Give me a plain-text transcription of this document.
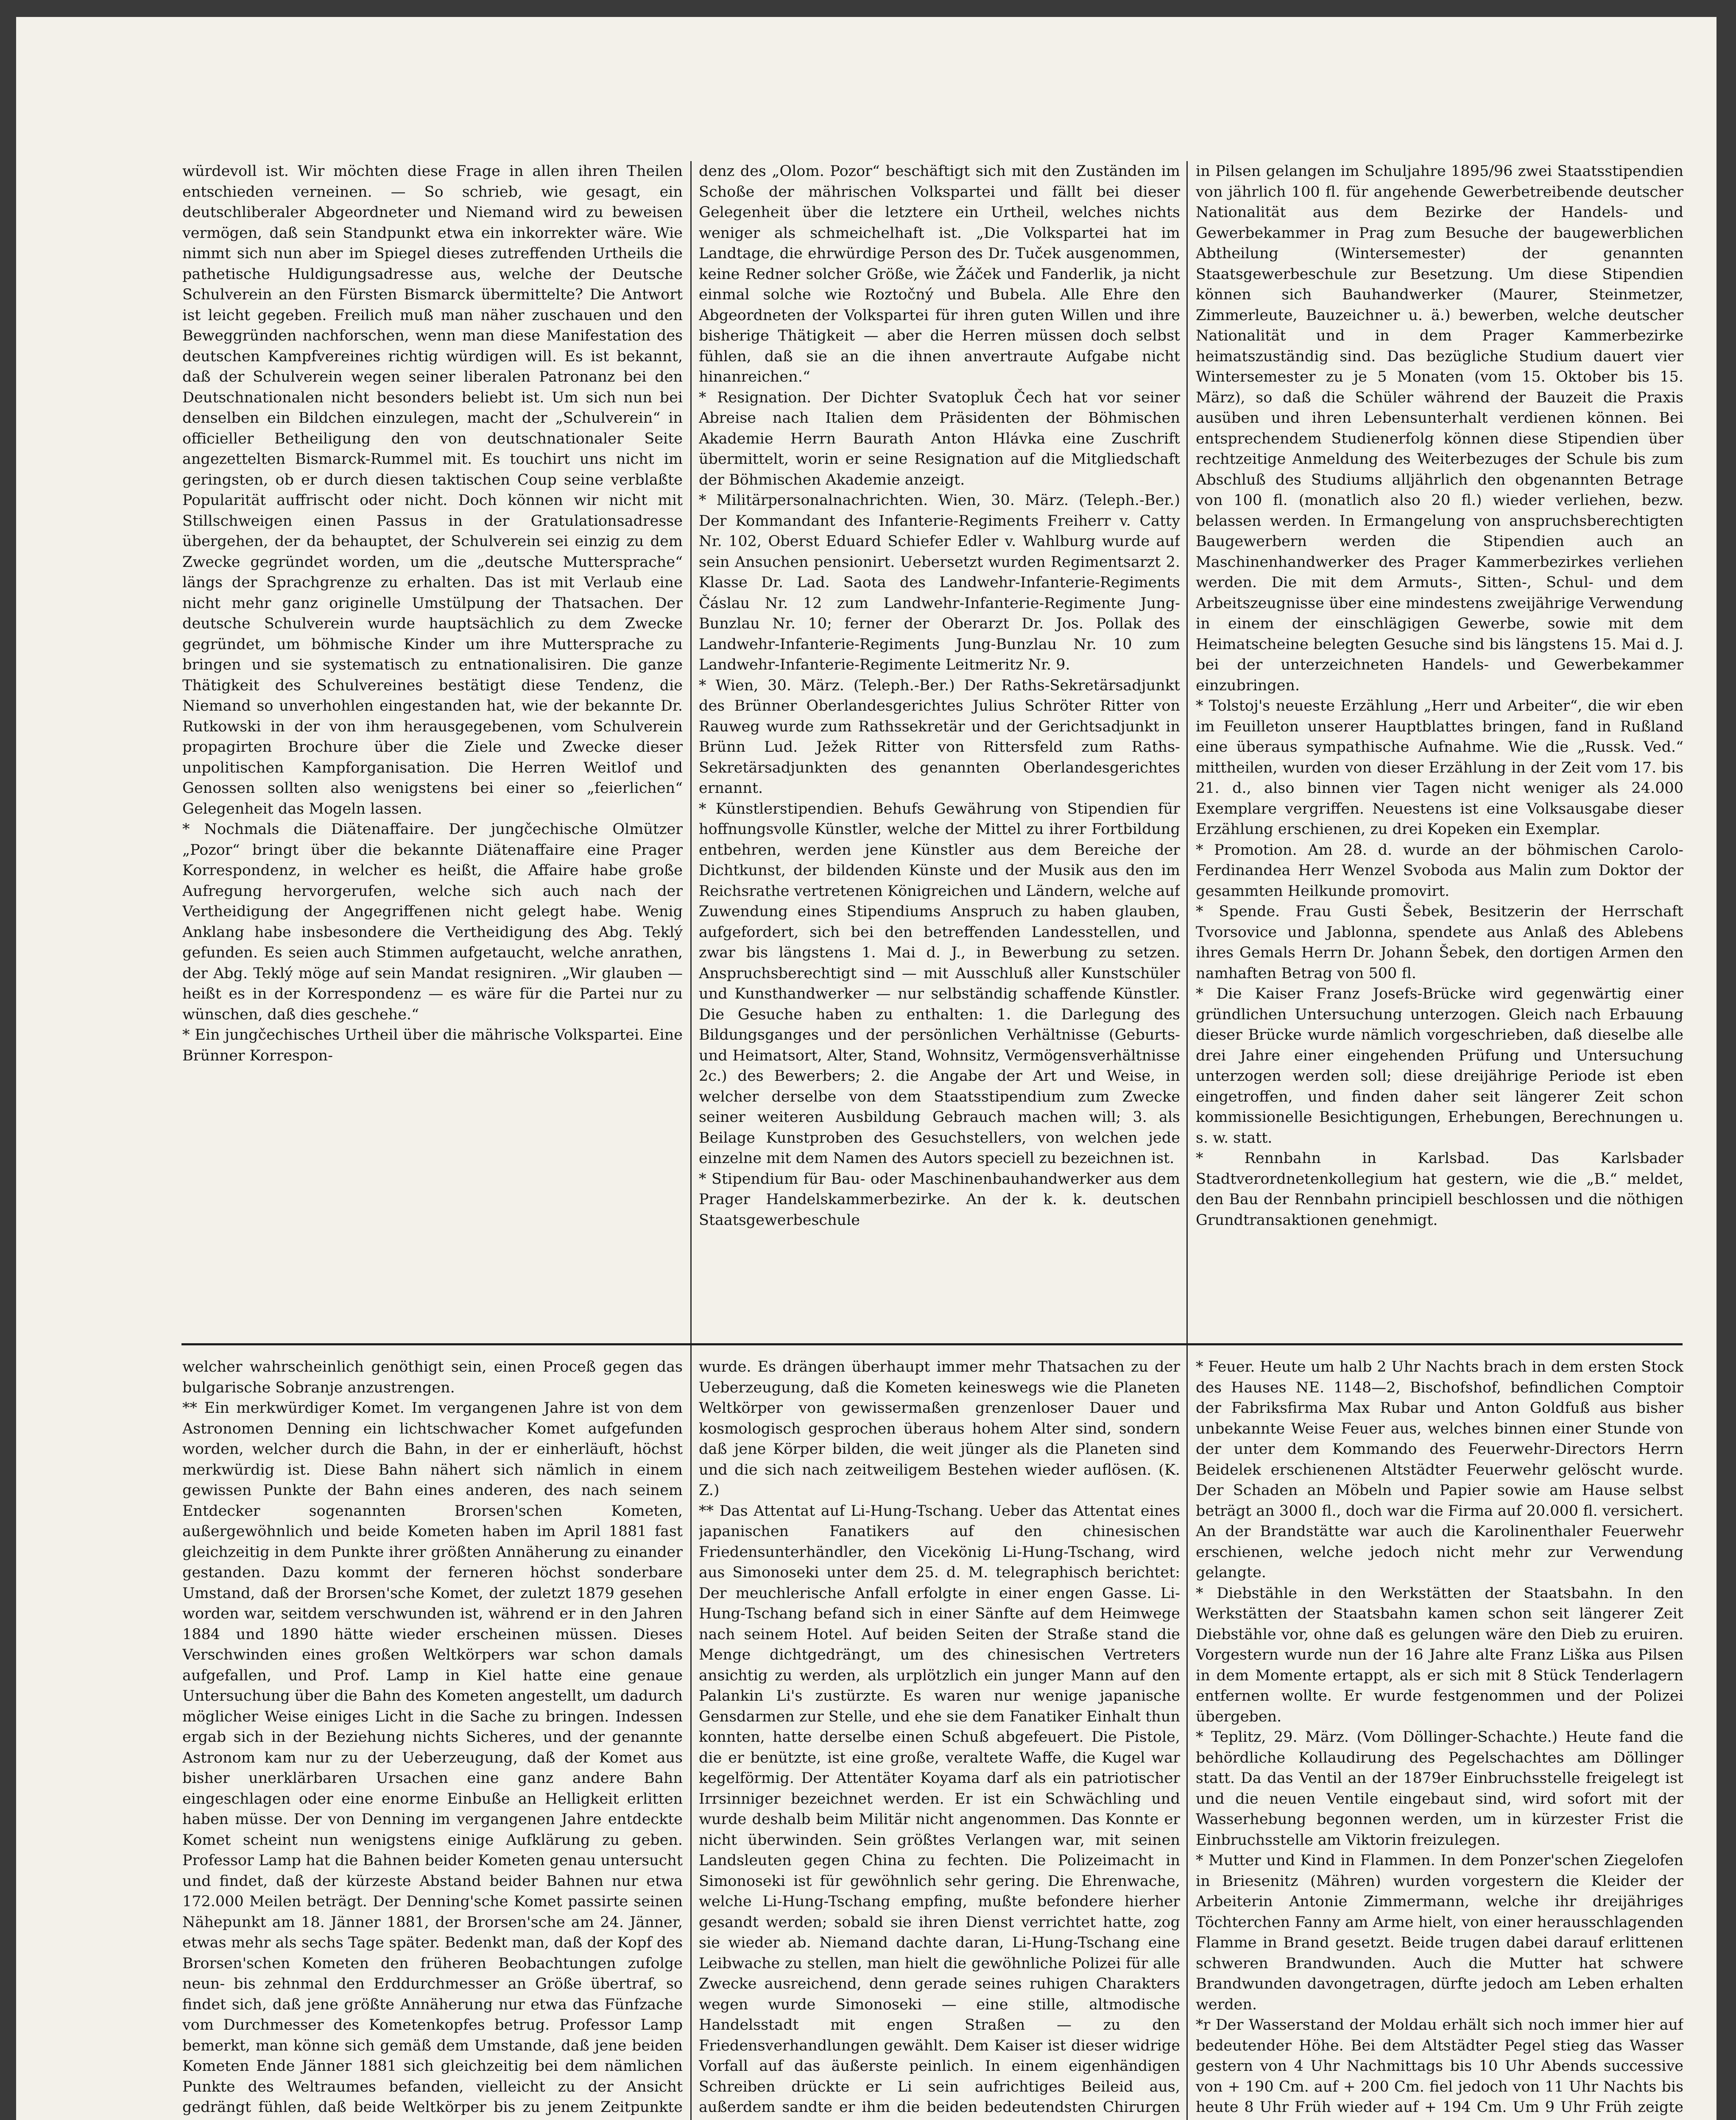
würdevoll ist. Wir möchten diese Frage in allen ihren Theilen entschieden verneinen. — So schrieb, wie gesagt, ein deutschliberaler Abgeordneter und Niemand wird zu beweisen vermögen, daß sein Standpunkt etwa ein inkorrekter wäre. Wie nimmt sich nun aber im Spiegel dieses zutreffenden Urtheils die pathetische Huldigungsadresse aus, welche der Deutsche Schulverein an den Fürsten Bismarck übermittelte? Die Antwort ist leicht gegeben. Freilich muß man näher zuschauen und den Beweggründen nachforschen, wenn man diese Manifestation des deutschen Kampfvereines richtig würdigen will. Es ist bekannt, daß der Schulverein wegen seiner liberalen Patronanz bei den Deutschnationalen nicht besonders beliebt ist. Um sich nun bei denselben ein Bildchen einzulegen, macht der „Schulverein“ in officieller Betheiligung den von deutschnationaler Seite angezettelten Bismarck-Rummel mit. Es touchirt uns nicht im geringsten, ob er durch diesen taktischen Coup seine verblaßte Popularität auffrischt oder nicht. Doch können wir nicht mit Stillschweigen einen Passus in der Gratulationsadresse übergehen, der da behauptet, der Schulverein sei einzig zu dem Zwecke gegründet worden, um die „deutsche Muttersprache“ längs der Sprachgrenze zu erhalten. Das ist mit Verlaub eine nicht mehr ganz originelle Umstülpung der Thatsachen. Der deutsche Schulverein wurde hauptsächlich zu dem Zwecke gegründet, um böhmische Kinder um ihre Muttersprache zu bringen und sie systematisch zu entnationalisiren. Die ganze Thätigkeit des Schulvereines bestätigt diese Tendenz, die Niemand so unverhohlen eingestanden hat, wie der bekannte Dr. Rutkowski in der von ihm herausgegebenen, vom Schulverein propagirten Brochure über die Ziele und Zwecke dieser unpolitischen Kampforganisation. Die Herren Weitlof und Genossen sollten also wenigstens bei einer so „feierlichen“ Gelegenheit das Mogeln lassen.

* Nochmals die Diätenaffaire. Der jungčechische Olmützer „Pozor“ bringt über die bekannte Diätenaffaire eine Prager Korrespondenz, in welcher es heißt, die Affaire habe große Aufregung hervorgerufen, welche sich auch nach der Vertheidigung der Angegriffenen nicht gelegt habe. Wenig Anklang habe insbesondere die Vertheidigung des Abg. Teklý gefunden. Es seien auch Stimmen aufgetaucht, welche anrathen, der Abg. Teklý möge auf sein Mandat resigniren. „Wir glauben — heißt es in der Korrespondenz — es wäre für die Partei nur zu wünschen, daß dies geschehe.“

* Ein jungčechisches Urtheil über die mährische Volkspartei. Eine Brünner Korrespon-

denz des „Olom. Pozor“ beschäftigt sich mit den Zuständen im Schoße der mährischen Volkspartei und fällt bei dieser Gelegenheit über die letztere ein Urtheil, welches nichts weniger als schmeichelhaft ist. „Die Volkspartei hat im Landtage, die ehrwürdige Person des Dr. Tuček ausgenommen, keine Redner solcher Größe, wie Žáček und Fanderlik, ja nicht einmal solche wie Roztočný und Bubela. Alle Ehre den Abgeordneten der Volkspartei für ihren guten Willen und ihre bisherige Thätigkeit — aber die Herren müssen doch selbst fühlen, daß sie an die ihnen anvertraute Aufgabe nicht hinanreichen.“

* Resignation. Der Dichter Svatopluk Čech hat vor seiner Abreise nach Italien dem Präsidenten der Böhmischen Akademie Herrn Baurath Anton Hlávka eine Zuschrift übermittelt, worin er seine Resignation auf die Mitgliedschaft der Böhmischen Akademie anzeigt.

* Militärpersonalnachrichten. Wien, 30. März. (Teleph.-Ber.) Der Kommandant des Infanterie-Regiments Freiherr v. Catty Nr. 102, Oberst Eduard Schiefer Edler v. Wahlburg wurde auf sein Ansuchen pensionirt. Uebersetzt wurden Regimentsarzt 2. Klasse Dr. Lad. Saota des Landwehr-Infanterie-Regiments Čáslau Nr. 12 zum Landwehr-Infanterie-Regimente Jung-Bunzlau Nr. 10; ferner der Oberarzt Dr. Jos. Pollak des Landwehr-Infanterie-Regiments Jung-Bunzlau Nr. 10 zum Landwehr-Infanterie-Regimente Leitmeritz Nr. 9.

* Wien, 30. März. (Teleph.-Ber.) Der Raths-Sekretärsadjunkt des Brünner Oberlandesgerichtes Julius Schröter Ritter von Rauweg wurde zum Rathssekretär und der Gerichtsadjunkt in Brünn Lud. Ježek Ritter von Rittersfeld zum Raths-Sekretärsadjunkten des genannten Oberlandesgerichtes ernannt.

* Künstlerstipendien. Behufs Gewährung von Stipendien für hoffnungsvolle Künstler, welche der Mittel zu ihrer Fortbildung entbehren, werden jene Künstler aus dem Bereiche der Dichtkunst, der bildenden Künste und der Musik aus den im Reichsrathe vertretenen Königreichen und Ländern, welche auf Zuwendung eines Stipendiums Anspruch zu haben glauben, aufgefordert, sich bei den betreffenden Landesstellen, und zwar bis längstens 1. Mai d. J., in Bewerbung zu setzen. Anspruchsberechtigt sind — mit Ausschluß aller Kunstschüler und Kunsthandwerker — nur selbständig schaffende Künstler. Die Gesuche haben zu enthalten: 1. die Darlegung des Bildungsganges und der persönlichen Verhältnisse (Geburts- und Heimatsort, Alter, Stand, Wohnsitz, Vermögensverhältnisse 2c.) des Bewerbers; 2. die Angabe der Art und Weise, in welcher derselbe von dem Staatsstipendium zum Zwecke seiner weiteren Ausbildung Gebrauch machen will; 3. als Beilage Kunstproben des Gesuchstellers, von welchen jede einzelne mit dem Namen des Autors speciell zu bezeichnen ist.

* Stipendium für Bau- oder Maschinenbauhandwerker aus dem Prager Handelskammerbezirke. An der k. k. deutschen Staatsgewerbeschule

in Pilsen gelangen im Schuljahre 1895/96 zwei Staatsstipendien von jährlich 100 fl. für angehende Gewerbetreibende deutscher Nationalität aus dem Bezirke der Handels- und Gewerbekammer in Prag zum Besuche der baugewerblichen Abtheilung (Wintersemester) der genannten Staatsgewerbeschule zur Besetzung. Um diese Stipendien können sich Bauhandwerker (Maurer, Steinmetzer, Zimmerleute, Bauzeichner u. ä.) bewerben, welche deutscher Nationalität und in dem Prager Kammerbezirke heimatszuständig sind. Das bezügliche Studium dauert vier Wintersemester zu je 5 Monaten (vom 15. Oktober bis 15. März), so daß die Schüler während der Bauzeit die Praxis ausüben und ihren Lebensunterhalt verdienen können. Bei entsprechendem Studienerfolg können diese Stipendien über rechtzeitige Anmeldung des Weiterbezuges der Schule bis zum Abschluß des Studiums alljährlich den obgenannten Betrage von 100 fl. (monatlich also 20 fl.) wieder verliehen, bezw. belassen werden. In Ermangelung von anspruchsberechtigten Baugewerbern werden die Stipendien auch an Maschinenhandwerker des Prager Kammerbezirkes verliehen werden. Die mit dem Armuts-, Sitten-, Schul- und dem Arbeitszeugnisse über eine mindestens zweijährige Verwendung in einem der einschlägigen Gewerbe, sowie mit dem Heimatscheine belegten Gesuche sind bis längstens 15. Mai d. J. bei der unterzeichneten Handels- und Gewerbekammer einzubringen.

* Tolstoj's neueste Erzählung „Herr und Arbeiter“, die wir eben im Feuilleton unserer Hauptblattes bringen, fand in Rußland eine überaus sympathische Aufnahme. Wie die „Russk. Ved.“ mittheilen, wurden von dieser Erzählung in der Zeit vom 17. bis 21. d., also binnen vier Tagen nicht weniger als 24.000 Exemplare vergriffen. Neuestens ist eine Volksausgabe dieser Erzählung erschienen, zu drei Kopeken ein Exemplar.

* Promotion. Am 28. d. wurde an der böhmischen Carolo-Ferdinandea Herr Wenzel Svoboda aus Malin zum Doktor der gesammten Heilkunde promovirt.

* Spende. Frau Gusti Šebek, Besitzerin der Herrschaft Tvorsovice und Jablonna, spendete aus Anlaß des Ablebens ihres Gemals Herrn Dr. Johann Šebek, den dortigen Armen den namhaften Betrag von 500 fl.

* Die Kaiser Franz Josefs-Brücke wird gegenwärtig einer gründlichen Untersuchung unterzogen. Gleich nach Erbauung dieser Brücke wurde nämlich vorgeschrieben, daß dieselbe alle drei Jahre einer eingehenden Prüfung und Untersuchung unterzogen werden soll; diese dreijährige Periode ist eben eingetroffen, und finden daher seit längerer Zeit schon kommissionelle Besichtigungen, Erhebungen, Berechnungen u. s. w. statt.

* Rennbahn in Karlsbad. Das Karlsbader Stadtverordnetenkollegium hat gestern, wie die „B.“ meldet, den Bau der Rennbahn principiell beschlossen und die nöthigen Grundtransaktionen genehmigt.

welcher wahrscheinlich genöthigt sein, einen Proceß gegen das bulgarische Sobranje anzustrengen.

** Ein merkwürdiger Komet. Im vergangenen Jahre ist von dem Astronomen Denning ein lichtschwacher Komet aufgefunden worden, welcher durch die Bahn, in der er einherläuft, höchst merkwürdig ist. Diese Bahn nähert sich nämlich in einem gewissen Punkte der Bahn eines anderen, des nach seinem Entdecker sogenannten Brorsen'schen Kometen, außergewöhnlich und beide Kometen haben im April 1881 fast gleichzeitig in dem Punkte ihrer größten Annäherung zu einander gestanden. Dazu kommt der ferneren höchst sonderbare Umstand, daß der Brorsen'sche Komet, der zuletzt 1879 gesehen worden war, seitdem verschwunden ist, während er in den Jahren 1884 und 1890 hätte wieder erscheinen müssen. Dieses Verschwinden eines großen Weltkörpers war schon damals aufgefallen, und Prof. Lamp in Kiel hatte eine genaue Untersuchung über die Bahn des Kometen angestellt, um dadurch möglicher Weise einiges Licht in die Sache zu bringen. Indessen ergab sich in der Beziehung nichts Sicheres, und der genannte Astronom kam nur zu der Ueberzeugung, daß der Komet aus bisher unerklärbaren Ursachen eine ganz andere Bahn eingeschlagen oder eine enorme Einbuße an Helligkeit erlitten haben müsse. Der von Denning im vergangenen Jahre entdeckte Komet scheint nun wenigstens einige Aufklärung zu geben. Professor Lamp hat die Bahnen beider Kometen genau untersucht und findet, daß der kürzeste Abstand beider Bahnen nur etwa 172.000 Meilen beträgt. Der Denning'sche Komet passirte seinen Nähepunkt am 18. Jänner 1881, der Brorsen'sche am 24. Jänner, etwas mehr als sechs Tage später. Bedenkt man, daß der Kopf des Brorsen'schen Kometen den früheren Beobachtungen zufolge neun- bis zehnmal den Erddurchmesser an Größe übertraf, so findet sich, daß jene größte Annäherung nur etwa das Fünfzache vom Durchmesser des Kometenkopfes betrug. Professor Lamp bemerkt, man könne sich gemäß dem Umstande, daß jene beiden Kometen Ende Jänner 1881 sich gleichzeitig bei dem nämlichen Punkte des Weltraumes befanden, vielleicht zu der Ansicht gedrängt fühlen, daß beide Weltkörper bis zu jenem Zeitpunkte

wurde. Es drängen überhaupt immer mehr Thatsachen zu der Ueberzeugung, daß die Kometen keineswegs wie die Planeten Weltkörper von gewissermaßen grenzenloser Dauer und kosmologisch gesprochen überaus hohem Alter sind, sondern daß jene Körper bilden, die weit jünger als die Planeten sind und die sich nach zeitweiligem Bestehen wieder auflösen. (K. Z.)

** Das Attentat auf Li-Hung-Tschang. Ueber das Attentat eines japanischen Fanatikers auf den chinesischen Friedensunterhändler, den Vicekönig Li-Hung-Tschang, wird aus Simonoseki unter dem 25. d. M. telegraphisch berichtet: Der meuchlerische Anfall erfolgte in einer engen Gasse. Li-Hung-Tschang befand sich in einer Sänfte auf dem Heimwege nach seinem Hotel. Auf beiden Seiten der Straße stand die Menge dichtgedrängt, um des chinesischen Vertreters ansichtig zu werden, als urplötzlich ein junger Mann auf den Palankin Li's zustürzte. Es waren nur wenige japanische Gensdarmen zur Stelle, und ehe sie dem Fanatiker Einhalt thun konnten, hatte derselbe einen Schuß abgefeuert. Die Pistole, die er benützte, ist eine große, veraltete Waffe, die Kugel war kegelförmig. Der Attentäter Koyama darf als ein patriotischer Irrsinniger bezeichnet werden. Er ist ein Schwächling und wurde deshalb beim Militär nicht angenommen. Das Konnte er nicht überwinden. Sein größtes Verlangen war, mit seinen Landsleuten gegen China zu fechten. Die Polizeimacht in Simonoseki ist für gewöhnlich sehr gering. Die Ehrenwache, welche Li-Hung-Tschang empfing, mußte befondere hierher gesandt werden; sobald sie ihren Dienst verrichtet hatte, zog sie wieder ab. Niemand dachte daran, Li-Hung-Tschang eine Leibwache zu stellen, man hielt die gewöhnliche Polizei für alle Zwecke ausreichend, denn gerade seines ruhigen Charakters wegen wurde Simonoseki — eine stille, altmodische Handelsstadt mit engen Straßen — zu den Friedensverhandlungen gewählt. Dem Kaiser ist dieser widrige Vorfall auf das äußerste peinlich. In einem eigenhändigen Schreiben drückte er Li sein aufrichtiges Beileid aus, außerdem sandte er ihm die beiden bedeutendsten Chirurgen

* Feuer. Heute um halb 2 Uhr Nachts brach in dem ersten Stock des Hauses NE. 1148—2, Bischofshof, befindlichen Comptoir der Fabriksfirma Max Rubar und Anton Goldfuß aus bisher unbekannte Weise Feuer aus, welches binnen einer Stunde von der unter dem Kommando des Feuerwehr-Directors Herrn Beidelek erschienenen Altstädter Feuerwehr gelöscht wurde. Der Schaden an Möbeln und Papier sowie am Hause selbst beträgt an 3000 fl., doch war die Firma auf 20.000 fl. versichert. An der Brandstätte war auch die Karolinenthaler Feuerwehr erschienen, welche jedoch nicht mehr zur Verwendung gelangte.

* Diebstähle in den Werkstätten der Staatsbahn. In den Werkstätten der Staatsbahn kamen schon seit längerer Zeit Diebstähle vor, ohne daß es gelungen wäre den Dieb zu eruiren. Vorgestern wurde nun der 16 Jahre alte Franz Liška aus Pilsen in dem Momente ertappt, als er sich mit 8 Stück Tenderlagern entfernen wollte. Er wurde festgenommen und der Polizei übergeben.

* Teplitz, 29. März. (Vom Döllinger-Schachte.) Heute fand die behördliche Kollaudirung des Pegelschachtes am Döllinger statt. Da das Ventil an der 1879er Einbruchsstelle freigelegt ist und die neuen Ventile eingebaut sind, wird sofort mit der Wasserhebung begonnen werden, um in kürzester Frist die Einbruchsstelle am Viktorin freizulegen.

* Mutter und Kind in Flammen. In dem Ponzer'schen Ziegelofen in Briesenitz (Mähren) wurden vorgestern die Kleider der Arbeiterin Antonie Zimmermann, welche ihr dreijähriges Töchterchen Fanny am Arme hielt, von einer herausschlagenden Flamme in Brand gesetzt. Beide trugen dabei darauf erlittenen schweren Brandwunden. Auch die Mutter hat schwere Brandwunden davongetragen, dürfte jedoch am Leben erhalten werden.

*r Der Wasserstand der Moldau erhält sich noch immer hier auf bedeutender Höhe. Bei dem Altstädter Pegel stieg das Wasser gestern von 4 Uhr Nachmittags bis 10 Uhr Abends successive von + 190 Cm. auf + 200 Cm. fiel jedoch von 11 Uhr Nachts bis heute 8 Uhr Früh wieder auf + 194 Cm. Um 9 Uhr Früh zeigte
